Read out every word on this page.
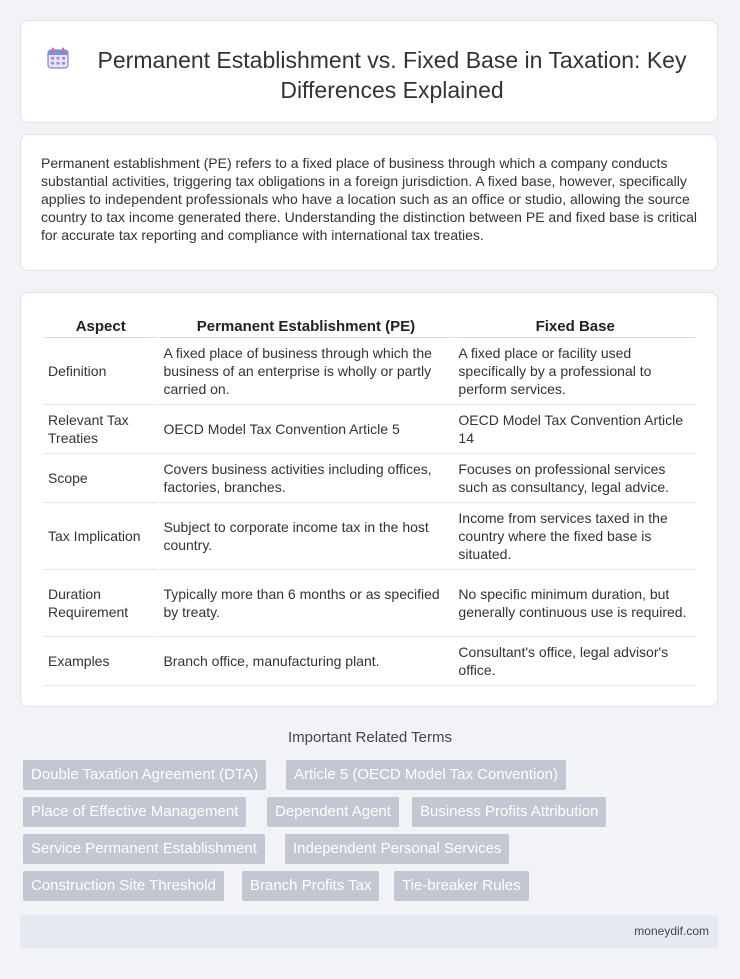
Permanent Establishment vs. Fixed Base in Taxation: Key Differences Explained
Permanent establishment (PE) refers to a fixed place of business through which a company conducts substantial activities, triggering tax obligations in a foreign jurisdiction. A fixed base, however, specifically applies to independent professionals who have a location such as an office or studio, allowing the source country to tax income generated there. Understanding the distinction between PE and fixed base is critical for accurate tax reporting and compliance with international tax treaties.
Aspect	Permanent Establishment (PE)	Fixed Base
Definition	A fixed place of business through which the business of an enterprise is wholly or partly carried on.	A fixed place or facility used specifically by a professional to perform services.
Relevant Tax Treaties	OECD Model Tax Convention Article 5	OECD Model Tax Convention Article 14
Scope	Covers business activities including offices, factories, branches.	Focuses on professional services such as consultancy, legal advice.
Tax Implication	Subject to corporate income tax in the host country.	Income from services taxed in the country where the fixed base is situated.
Duration Requirement	Typically more than 6 months or as specified by treaty.	No specific minimum duration, but generally continuous use is required.
Examples	Branch office, manufacturing plant.	Consultant's office, legal advisor's office.
Important Related Terms
Double Taxation Agreement (DTA)	Article 5 (OECD Model Tax Convention)
Place of Effective Management	Dependent Agent	Business Profits Attribution
Service Permanent Establishment	Independent Personal Services
Construction Site Threshold	Branch Profits Tax	Tie-breaker Rules
moneydif.com
